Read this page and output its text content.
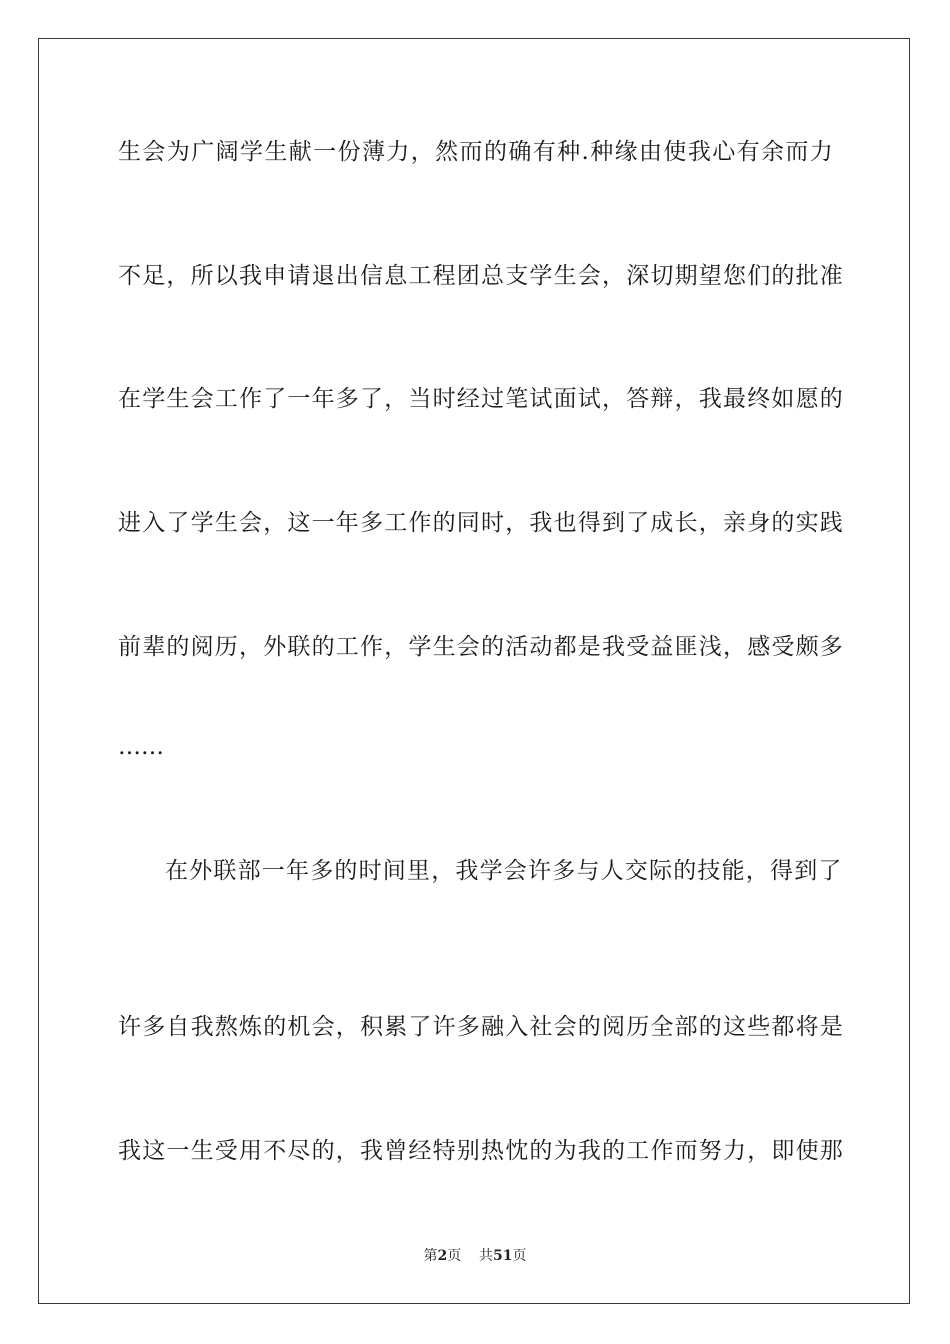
生会为广阔学生献一份薄力，然而的确有种.种缘由使我心有余而力
不足，所以我申请退出信息工程团总支学生会，深切期望您们的批准
在学生会工作了一年多了，当时经过笔试面试，答辩，我最终如愿的
进入了学生会，这一年多工作的同时，我也得到了成长，亲身的实践
前辈的阅历，外联的工作，学生会的活动都是我受益匪浅，感受颇多
……
在外联部一年多的时间里，我学会许多与人交际的技能，得到了
许多自我熬炼的机会，积累了许多融入社会的阅历全部的这些都将是
我这一生受用不尽的，我曾经特别热忱的为我的工作而努力，即使那
第2页 共51页
